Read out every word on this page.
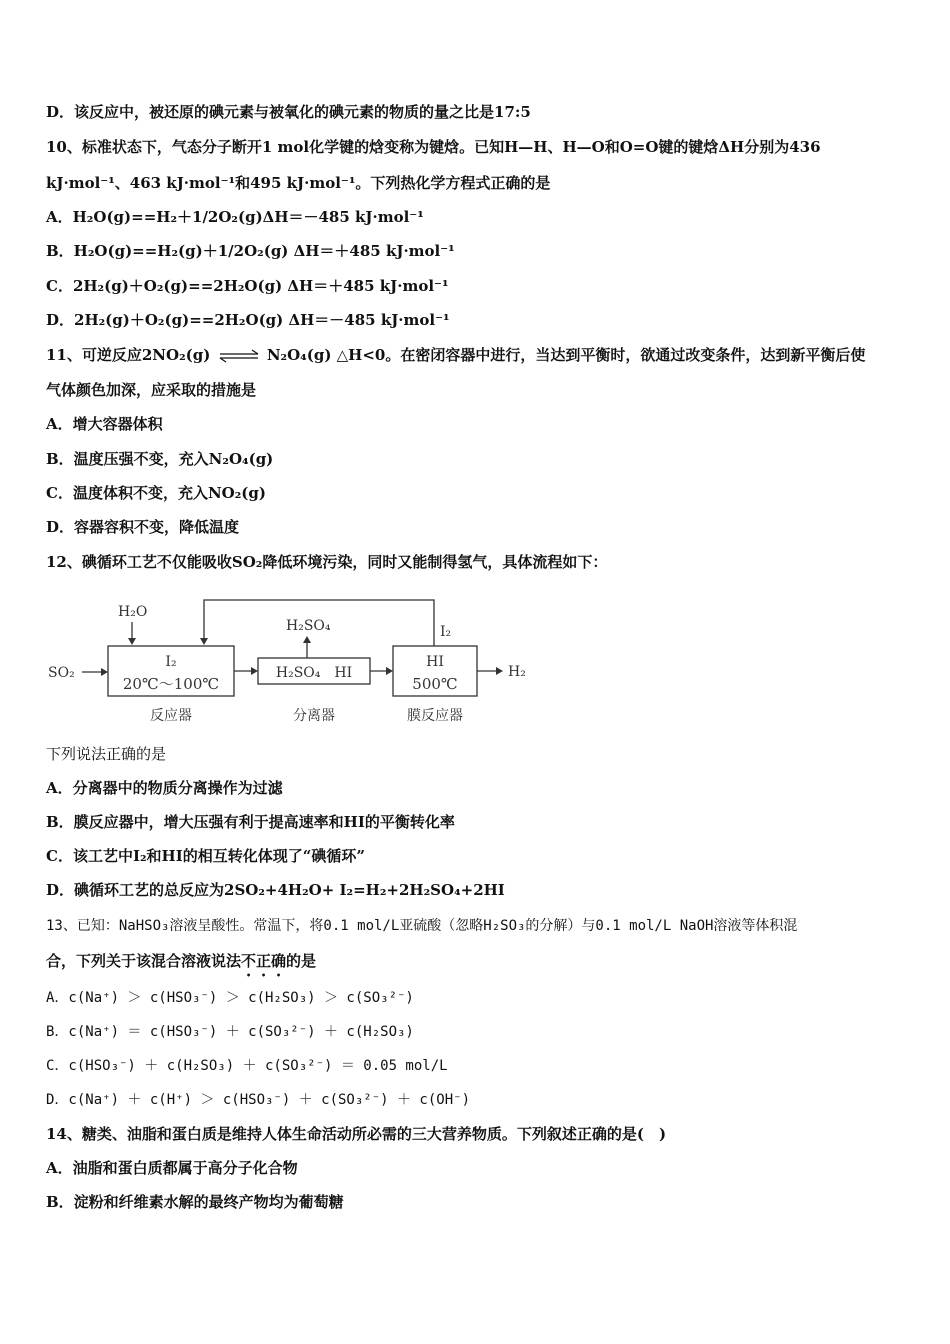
D．该反应中，被还原的碘元素与被氧化的碘元素的物质的量之比是17:5
10、标准状态下，气态分子断开1 mol化学键的焓变称为键焓。已知H—H、H—O和O=O键的键焓ΔH分别为436
kJ·mol⁻¹、463 kJ·mol⁻¹和495 kJ·mol⁻¹。下列热化学方程式正确的是
A．H₂O(g)==H₂＋1/2O₂(g)ΔH＝－485 kJ·mol⁻¹
B．H₂O(g)==H₂(g)＋1/2O₂(g) ΔH＝＋485 kJ·mol⁻¹
C．2H₂(g)＋O₂(g)==2H₂O(g) ΔH＝＋485 kJ·mol⁻¹
D．2H₂(g)＋O₂(g)==2H₂O(g) ΔH＝－485 kJ·mol⁻¹
11、可逆反应2NO₂(g) ⇌ N₂O₄(g) △H<0。在密闭容器中进行，当达到平衡时，欲通过改变条件，达到新平衡后使
气体颜色加深，应采取的措施是
A．增大容器体积
B．温度压强不变，充入N₂O₄(g)
C．温度体积不变，充入NO₂(g)
D．容器容积不变，降低温度
12、碘循环工艺不仅能吸收SO₂降低环境污染，同时又能制得氢气，具体流程如下：
H₂O
I₂
SO₂
I₂
20℃～100℃
反应器
H₂SO₄　HI
分离器
H₂SO₄
HI
500℃
膜反应器
H₂
下列说法正确的是
A．分离器中的物质分离操作为过滤
B．膜反应器中，增大压强有利于提高速率和HI的平衡转化率
C．该工艺中I₂和HI的相互转化体现了“碘循环”
D．碘循环工艺的总反应为2SO₂+4H₂O+ I₂=H₂+2H₂SO₄+2HI
13、已知：NaHSO₃溶液呈酸性。常温下，将0.1 mol/L亚硫酸（忽略H₂SO₃的分解）与0.1 mol/L NaOH溶液等体积混
合，下列关于该混合溶液说法不正确的是
A．c(Na⁺) ＞ c(HSO₃⁻) ＞ c(H₂SO₃) ＞ c(SO₃²⁻)
B．c(Na⁺) ＝ c(HSO₃⁻) ＋ c(SO₃²⁻) ＋ c(H₂SO₃)
C．c(HSO₃⁻) ＋ c(H₂SO₃) ＋ c(SO₃²⁻) ＝ 0.05 mol/L
D．c(Na⁺) ＋ c(H⁺) ＞ c(HSO₃⁻) ＋ c(SO₃²⁻) ＋ c(OH⁻)
14、糖类、油脂和蛋白质是维持人体生命活动所必需的三大营养物质。下列叙述正确的是(　)
A．油脂和蛋白质都属于高分子化合物
B．淀粉和纤维素水解的最终产物均为葡萄糖
